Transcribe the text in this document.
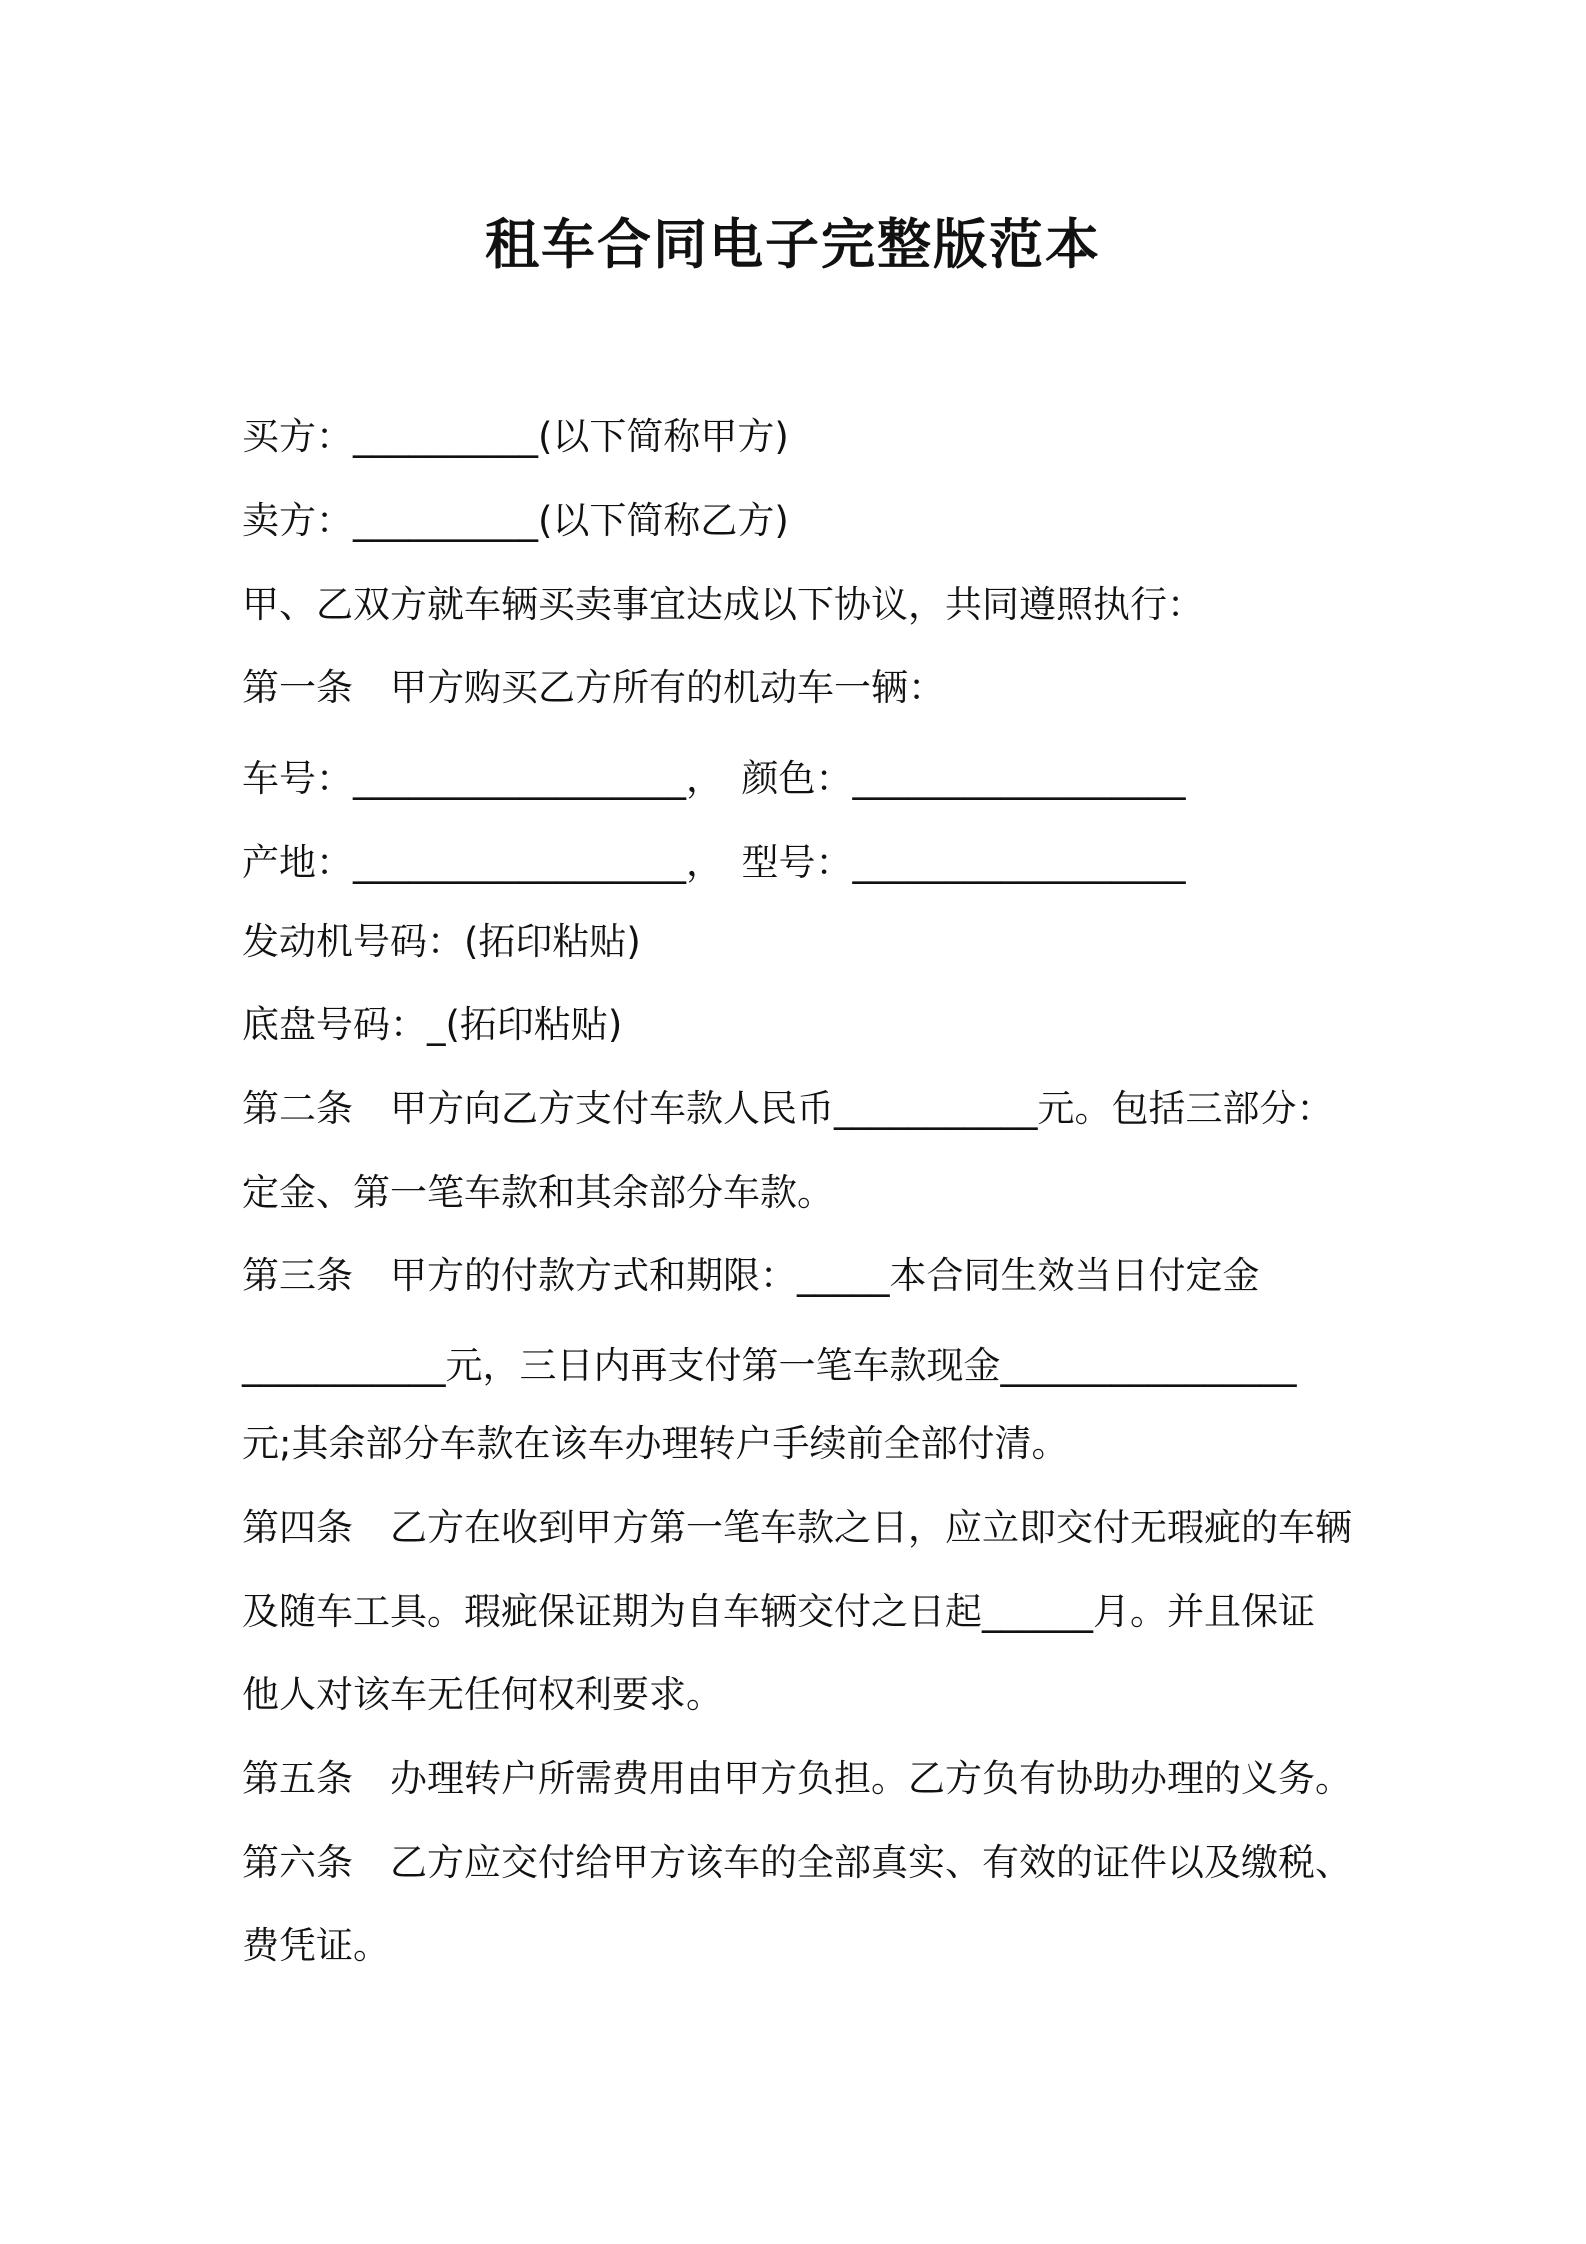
租车合同电子完整版范本

买方：__________(以下简称甲方)

卖方：__________(以下简称乙方)

甲、乙双方就车辆买卖事宜达成以下协议，共同遵照执行：

第一条　甲方购买乙方所有的机动车一辆：

车号：__________________，　颜色：__________________

产地：__________________，　型号：__________________

发动机号码：(拓印粘贴)

底盘号码：_(拓印粘贴)

第二条　甲方向乙方支付车款人民币___________元。包括三部分：

定金、第一笔车款和其余部分车款。

第三条　甲方的付款方式和期限：_____本合同生效当日付定金

___________元，三日内再支付第一笔车款现金________________

元;其余部分车款在该车办理转户手续前全部付清。

第四条　乙方在收到甲方第一笔车款之日，应立即交付无瑕疵的车辆

及随车工具。瑕疵保证期为自车辆交付之日起______月。并且保证

他人对该车无任何权利要求。

第五条　办理转户所需费用由甲方负担。乙方负有协助办理的义务。

第六条　乙方应交付给甲方该车的全部真实、有效的证件以及缴税、

费凭证。
